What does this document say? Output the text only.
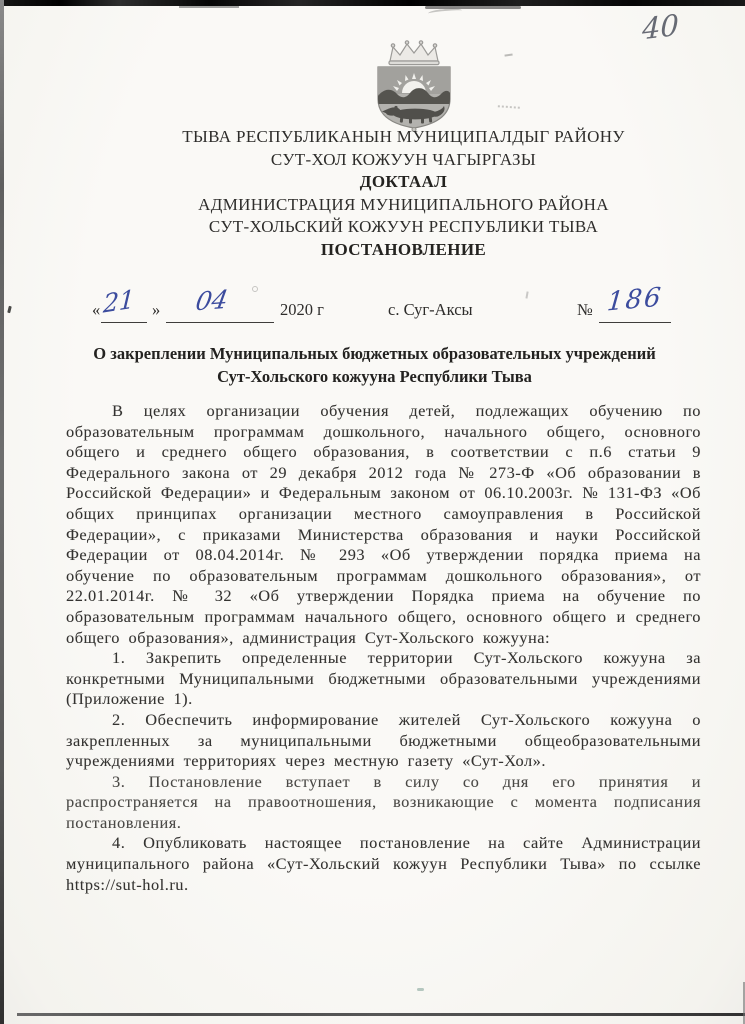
40
ТЫВА РЕСПУБЛИКАНЫН МУНИЦИПАЛДЫГ РАЙОНУ
СУТ-ХОЛ КОЖУУН ЧАГЫРГАЗЫ
ДОКТААЛ
АДМИНИСТРАЦИЯ МУНИЦИПАЛЬНОГО РАЙОНА
СУТ-ХОЛЬСКИЙ КОЖУУН РЕСПУБЛИКИ ТЫВА
ПОСТАНОВЛЕНИЕ
« 21 » 04	2020 г	с. Суг-Аксы	№ 186
О закреплении Муниципальных бюджетных образовательных учреждений Сут-Хольского кожууна Республики Тыва

В целях организации обучения детей, подлежащих обучению по образовательным программам дошкольного, начального общего, основного общего и среднего общего образования, в соответствии с п.6 статьи 9 Федерального закона от 29 декабря 2012 года № 273-Ф «Об образовании в Российской Федерации» и Федеральным законом от 06.10.2003г. № 131-ФЗ «Об общих принципах организации местного самоуправления в Российской Федерации», с приказами Министерства образования и науки Российской Федерации от 08.04.2014г. № 293 «Об утверждении порядка приема на обучение по образовательным программам дошкольного образования», от 22.01.2014г. № 32 «Об утверждении Порядка приема на обучение по образовательным программам начального общего, основного общего и среднего общего образования», администрация Сут-Хольского кожууна:

1. Закрепить определенные территории Сут-Хольского кожууна за конкретными Муниципальными бюджетными образовательными учреждениями (Приложение 1).

2. Обеспечить информирование жителей Сут-Хольского кожууна о закрепленных за муниципальными бюджетными общеобразовательными учреждениями территориях через местную газету «Сут-Хол».

3. Постановление вступает в силу со дня его принятия и распространяется на правоотношения, возникающие с момента подписания постановления.

4. Опубликовать настоящее постановление на сайте Администрации муниципального района «Сут-Хольский кожуун Республики Тыва» по ссылке https://sut-hol.ru.
